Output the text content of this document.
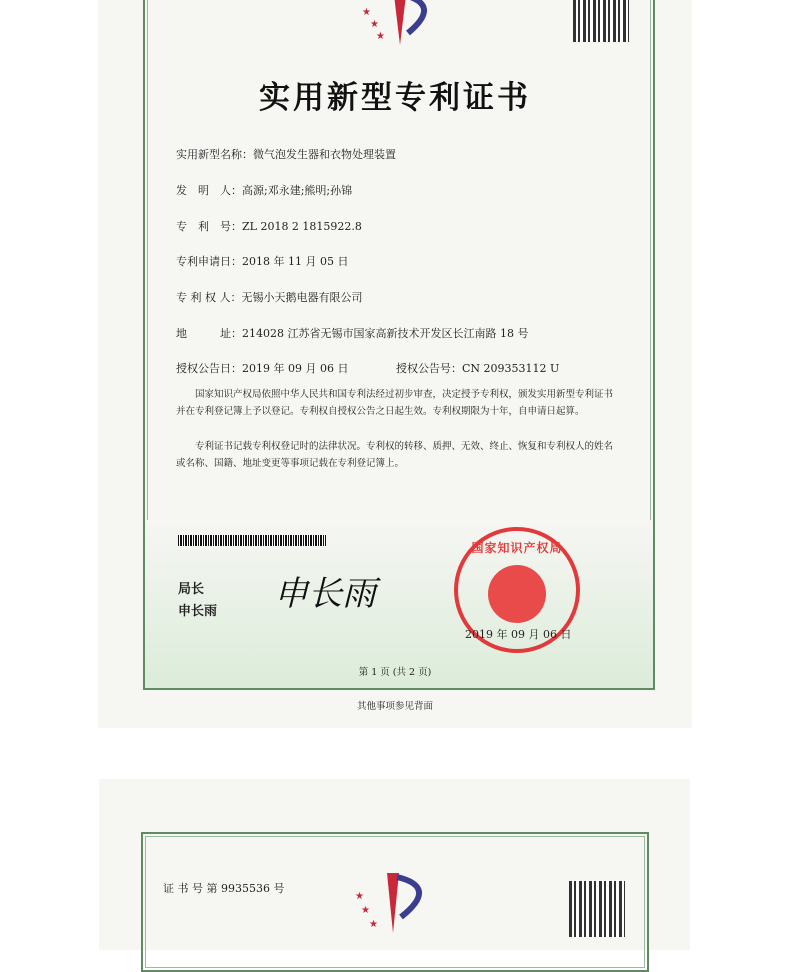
★
★
★
实用新型专利证书
实用新型名称：微气泡发生器和衣物处理装置
发　明　人：高源;邓永建;熊明;孙锦
专　利　号：ZL 2018 2 1815922.8
专利申请日：2018 年 11 月 05 日
专 利 权 人：无锡小天鹅电器有限公司
地　　　址：214028 江苏省无锡市国家高新技术开发区长江南路 18 号
授权公告日：2019 年 09 月 06 日	授权公告号：CN 209353112 U
国家知识产权局依照中华人民共和国专利法经过初步审查，决定授予专利权，颁发实用新型专利证书并在专利登记簿上予以登记。专利权自授权公告之日起生效。专利权期限为十年，自申请日起算。
专利证书记载专利权登记时的法律状况。专利权的转移、质押、无效、终止、恢复和专利权人的姓名或名称、国籍、地址变更等事项记载在专利登记簿上。
局长
申长雨 申长雨
国家知识产权局
2019 年 09 月 06 日
第 1 页 (共 2 页)
其他事项参见背面
证 书 号 第 9935536 号
★
★
★
